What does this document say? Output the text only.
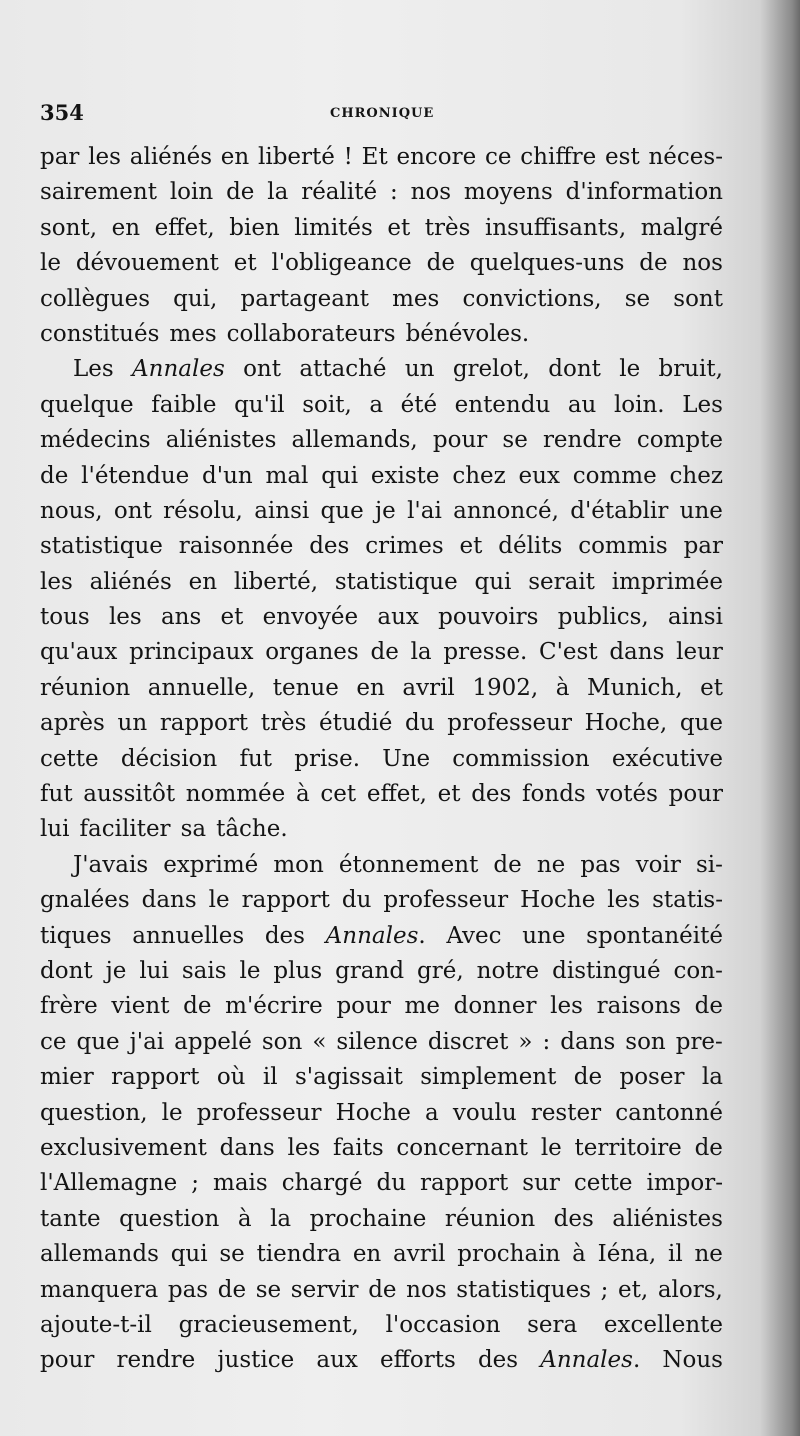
354	CHRONIQUE
par les aliénés en liberté ! Et encore ce chiffre est néces-
sairement loin de la réalité : nos moyens d'information
sont, en effet, bien limités et très insuffisants, malgré
le dévouement et l'obligeance de quelques-uns de nos
collègues qui, partageant mes convictions, se sont
constitués mes collaborateurs bénévoles.
Les Annales ont attaché un grelot, dont le bruit,
quelque faible qu'il soit, a été entendu au loin. Les
médecins aliénistes allemands, pour se rendre compte
de l'étendue d'un mal qui existe chez eux comme chez
nous, ont résolu, ainsi que je l'ai annoncé, d'établir une
statistique raisonnée des crimes et délits commis par
les aliénés en liberté, statistique qui serait imprimée
tous les ans et envoyée aux pouvoirs publics, ainsi
qu'aux principaux organes de la presse. C'est dans leur
réunion annuelle, tenue en avril 1902, à Munich, et
après un rapport très étudié du professeur Hoche, que
cette décision fut prise. Une commission exécutive
fut aussitôt nommée à cet effet, et des fonds votés pour
lui faciliter sa tâche.
J'avais exprimé mon étonnement de ne pas voir si-
gnalées dans le rapport du professeur Hoche les statis-
tiques annuelles des Annales. Avec une spontanéité
dont je lui sais le plus grand gré, notre distingué con-
frère vient de m'écrire pour me donner les raisons de
ce que j'ai appelé son « silence discret » : dans son pre-
mier rapport où il s'agissait simplement de poser la
question, le professeur Hoche a voulu rester cantonné
exclusivement dans les faits concernant le territoire de
l'Allemagne ; mais chargé du rapport sur cette impor-
tante question à la prochaine réunion des aliénistes
allemands qui se tiendra en avril prochain à Iéna, il ne
manquera pas de se servir de nos statistiques ; et, alors,
ajoute-t-il gracieusement, l'occasion sera excellente
pour rendre justice aux efforts des Annales. Nous
